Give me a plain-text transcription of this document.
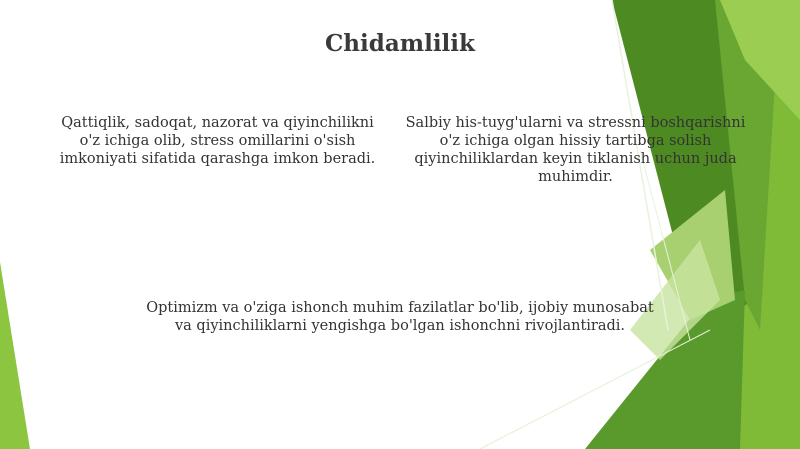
Chidamlilik
Qattiqlik, sadoqat, nazorat va qiyinchilikni o'z ichiga olib, stress omillarini o'sish imkoniyati sifatida qarashga imkon beradi.
Salbiy his-tuyg'ularni va stressni boshqarishni o'z ichiga olgan hissiy tartibga solish qiyinchiliklardan keyin tiklanish uchun juda muhimdir.
Optimizm va o'ziga ishonch muhim fazilatlar bo'lib, ijobiy munosabat va qiyinchiliklarni yengishga bo'lgan ishonchni rivojlantiradi.
